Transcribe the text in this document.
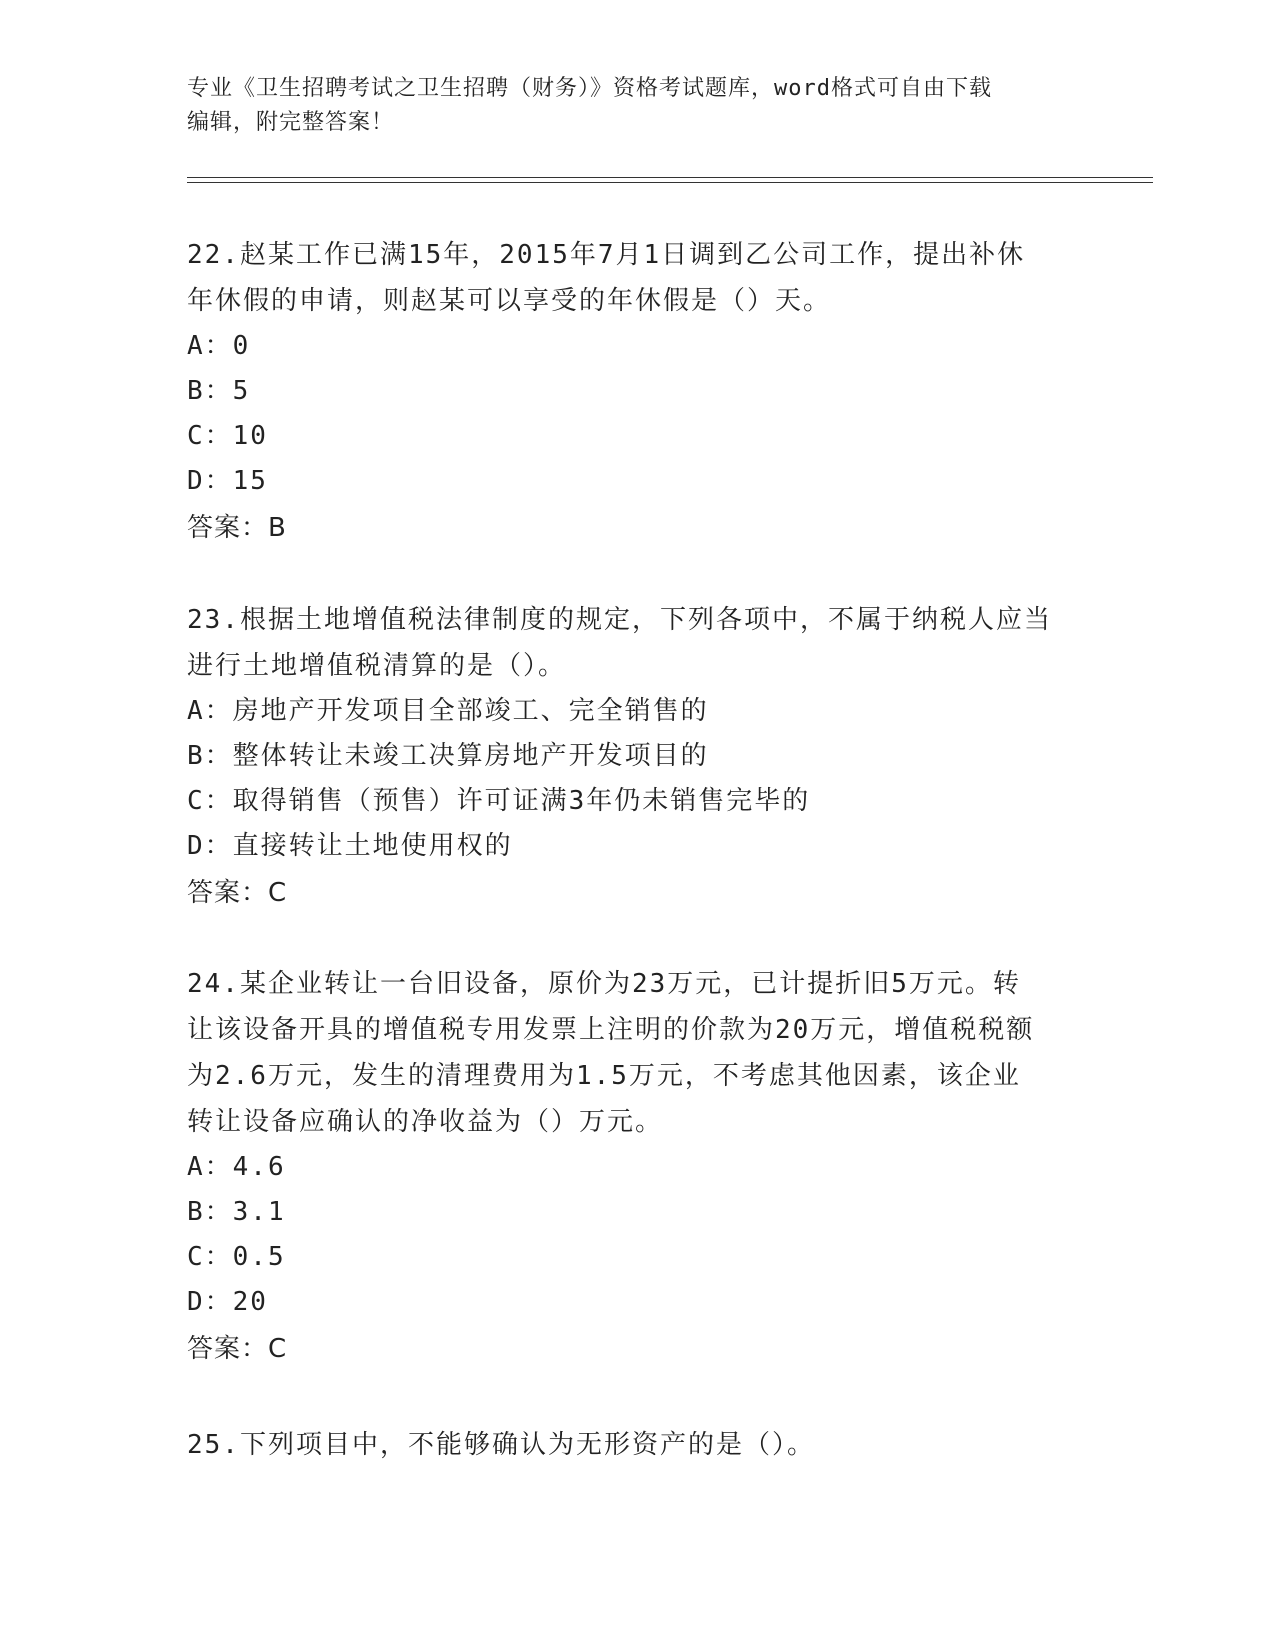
专业《卫生招聘考试之卫生招聘（财务）》资格考试题库，word格式可自由下载
编辑，附完整答案！

22.赵某工作已满15年，2015年7月1日调到乙公司工作，提出补休

年休假的申请，则赵某可以享受的年休假是（）天。

A：0

B：5

C：10

D：15

答案：B

23.根据土地增值税法律制度的规定，下列各项中，不属于纳税人应当

进行土地增值税清算的是（）。

A：房地产开发项目全部竣工、完全销售的

B：整体转让未竣工决算房地产开发项目的

C：取得销售（预售）许可证满3年仍未销售完毕的

D：直接转让土地使用权的

答案：C

24.某企业转让一台旧设备，原价为23万元，已计提折旧5万元。转

让该设备开具的增值税专用发票上注明的价款为20万元，增值税税额

为2.6万元，发生的清理费用为1.5万元，不考虑其他因素，该企业

转让设备应确认的净收益为（）万元。

A：4.6

B：3.1

C：0.5

D：20

答案：C

25.下列项目中，不能够确认为无形资产的是（）。
